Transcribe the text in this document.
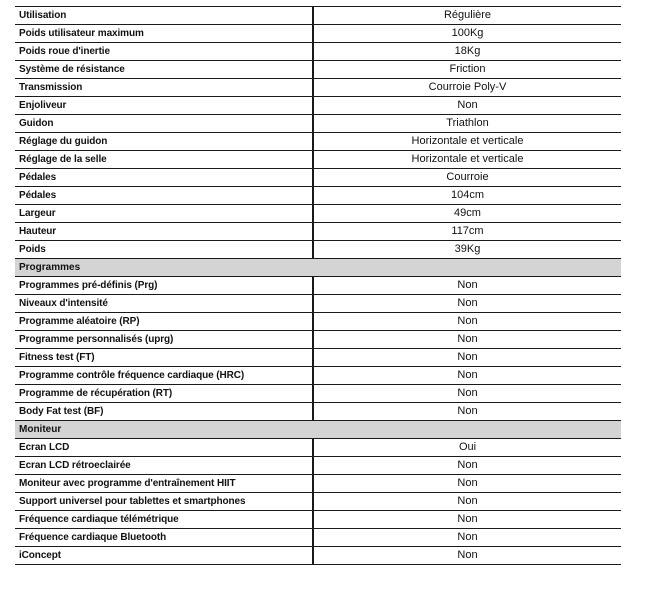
Utilisation	Régulière
Poids utilisateur maximum	100Kg
Poids roue d'inertie	18Kg
Système de résistance	Friction
Transmission	Courroie Poly-V
Enjoliveur	Non
Guidon	Triathlon
Réglage du guidon	Horizontale et verticale
Réglage de la selle	Horizontale et verticale
Pédales	Courroie
Pédales	104cm
Largeur	49cm
Hauteur	117cm
Poids	39Kg
Programmes	
Programmes pré-définis (Prg)	Non
Niveaux d'intensité	Non
Programme aléatoire (RP)	Non
Programme personnalisés (uprg)	Non
Fitness test (FT)	Non
Programme contrôle fréquence cardiaque (HRC)	Non
Programme de récupération (RT)	Non
Body Fat test (BF)	Non
Moniteur	
Ecran LCD	Oui
Ecran LCD rétroeclairée	Non
Moniteur avec programme d'entraînement HIIT	Non
Support universel pour tablettes et smartphones	Non
Fréquence cardiaque télémétrique	Non
Fréquence cardiaque Bluetooth	Non
iConcept	Non
